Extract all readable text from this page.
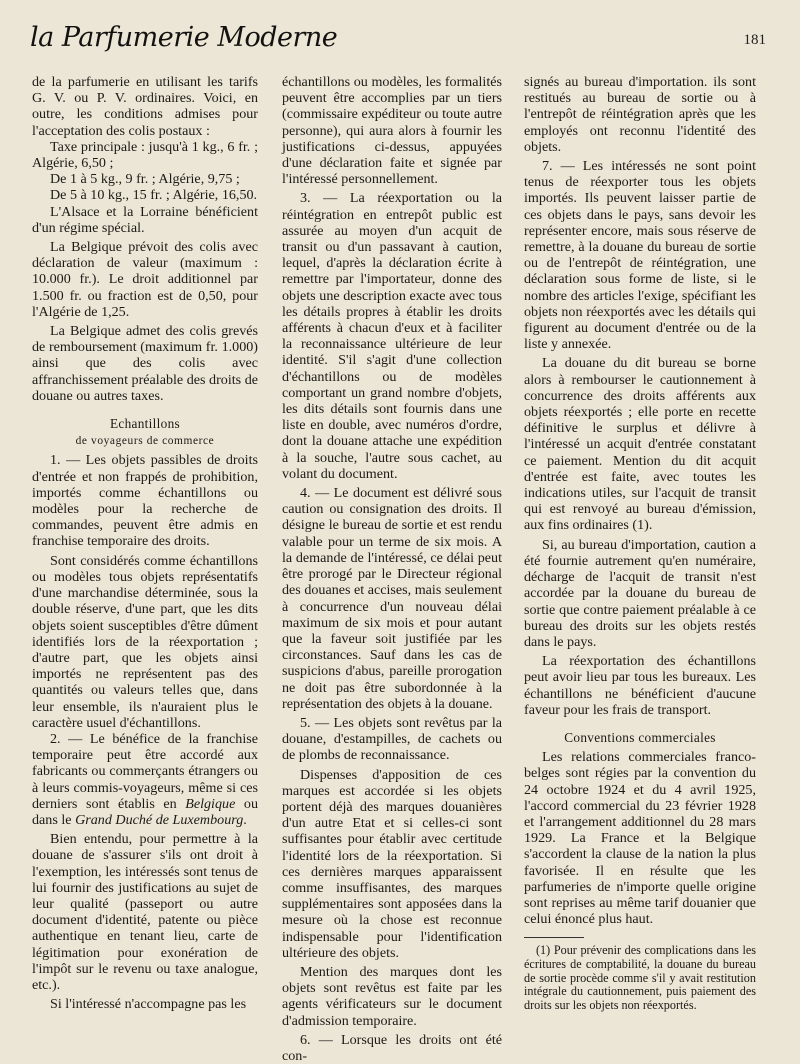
la Parfumerie Moderne	181

de la parfumerie en utilisant les tarifs G. V. ou P. V. ordinaires. Voici, en outre, les conditions admises pour l'acceptation des colis postaux :

Taxe principale : jusqu'à 1 kg., 6 fr. ; Algérie, 6,50 ;

De 1 à 5 kg., 9 fr. ; Algérie, 9,75 ;

De 5 à 10 kg., 15 fr. ; Algérie, 16,50.

L'Alsace et la Lorraine bénéficient d'un régime spécial.

La Belgique prévoit des colis avec déclaration de valeur (maximum : 10.000 fr.). Le droit additionnel par 1.500 fr. ou fraction est de 0,50, pour l'Algérie de 1,25.

La Belgique admet des colis grevés de remboursement (maximum fr. 1.000) ainsi que des colis avec affranchissement préalable des droits de douane ou autres taxes.

Echantillons
de voyageurs de commerce

1. — Les objets passibles de droits d'entrée et non frappés de prohibition, importés comme échantillons ou modèles pour la recherche de commandes, peuvent être admis en franchise temporaire des droits.

Sont considérés comme échantillons ou modèles tous objets représentatifs d'une marchandise déterminée, sous la double réserve, d'une part, que les dits objets soient susceptibles d'être dûment identifiés lors de la réexportation ; d'autre part, que les objets ainsi importés ne représentent pas des quantités ou valeurs telles que, dans leur ensemble, ils n'auraient plus le caractère usuel d'échantillons.

2. — Le bénéfice de la franchise temporaire peut être accordé aux fabricants ou commerçants étrangers ou à leurs commis-voyageurs, même si ces derniers sont établis en Belgique ou dans le Grand Duché de Luxembourg.

Bien entendu, pour permettre à la douane de s'assurer s'ils ont droit à l'exemption, les intéressés sont tenus de lui fournir des justifications au sujet de leur qualité (passeport ou autre document d'identité, patente ou pièce authentique en tenant lieu, carte de légitimation pour exonération de l'impôt sur le revenu ou taxe analogue, etc.).

Si l'intéressé n'accompagne pas les

échantillons ou modèles, les formalités peuvent être accomplies par un tiers (commissaire expéditeur ou toute autre personne), qui aura alors à fournir les justifications ci-dessus, appuyées d'une déclaration faite et signée par l'intéressé personnellement.

3. — La réexportation ou la réintégration en entrepôt public est assurée au moyen d'un acquit de transit ou d'un passavant à caution, lequel, d'après la déclaration écrite à remettre par l'importateur, donne des objets une description exacte avec tous les détails propres à établir les droits afférents à chacun d'eux et à faciliter la reconnaissance ultérieure de leur identité. S'il s'agit d'une collection d'échantillons ou de modèles comportant un grand nombre d'objets, les dits détails sont fournis dans une liste en double, avec numéros d'ordre, dont la douane attache une expédition à la souche, l'autre sous cachet, au volant du document.

4. — Le document est délivré sous caution ou consignation des droits. Il désigne le bureau de sortie et est rendu valable pour un terme de six mois. A la demande de l'intéressé, ce délai peut être prorogé par le Directeur régional des douanes et accises, mais seulement à concurrence d'un nouveau délai maximum de six mois et pour autant que la faveur soit justifiée par les circonstances. Sauf dans les cas de suspicions d'abus, pareille prorogation ne doit pas être subordonnée à la représentation des objets à la douane.

5. — Les objets sont revêtus par la douane, d'estampilles, de cachets ou de plombs de reconnaissance.

Dispenses d'apposition de ces marques est accordée si les objets portent déjà des marques douanières d'un autre Etat et si celles-ci sont suffisantes pour établir avec certitude l'identité lors de la réexportation. Si ces dernières marques apparaissent comme insuffisantes, des marques supplémentaires sont apposées dans la mesure où la chose est reconnue indispensable pour l'identification ultérieure des objets.

Mention des marques dont les objets sont revêtus est faite par les agents vérificateurs sur le document d'admission temporaire.

6. — Lorsque les droits ont été con-

signés au bureau d'importation. ils sont restitués au bureau de sortie ou à l'entrepôt de réintégration après que les employés ont reconnu l'identité des objets.

7. — Les intéressés ne sont point tenus de réexporter tous les objets importés. Ils peuvent laisser partie de ces objets dans le pays, sans devoir les représenter encore, mais sous réserve de remettre, à la douane du bureau de sortie ou de l'entrepôt de réintégration, une déclaration sous forme de liste, si le nombre des articles l'exige, spécifiant les objets non réexportés avec les détails qui figurent au document d'entrée ou de la liste y annexée.

La douane du dit bureau se borne alors à rembourser le cautionnement à concurrence des droits afférents aux objets réexportés ; elle porte en recette définitive le surplus et délivre à l'intéressé un acquit d'entrée constatant ce paiement. Mention du dit acquit d'entrée est faite, avec toutes les indications utiles, sur l'acquit de transit qui est renvoyé au bureau d'émission, aux fins ordinaires (1).

Si, au bureau d'importation, caution a été fournie autrement qu'en numéraire, décharge de l'acquit de transit n'est accordée par la douane du bureau de sortie que contre paiement préalable à ce bureau des droits sur les objets restés dans le pays.

La réexportation des échantillons peut avoir lieu par tous les bureaux. Les échantillons ne bénéficient d'aucune faveur pour les frais de transport.

Conventions commerciales

Les relations commerciales franco-belges sont régies par la convention du 24 octobre 1924 et du 4 avril 1925, l'accord commercial du 23 février 1928 et l'arrangement additionnel du 28 mars 1929. La France et la Belgique s'accordent la clause de la nation la plus favorisée. Il en résulte que les parfumeries de n'importe quelle origine sont reprises au même tarif douanier que celui énoncé plus haut.

(1) Pour prévenir des complications dans les écritures de comptabilité, la douane du bureau de sortie procède comme s'il y avait restitution intégrale du cautionnement, puis paiement des droits sur les objets non réexportés.
